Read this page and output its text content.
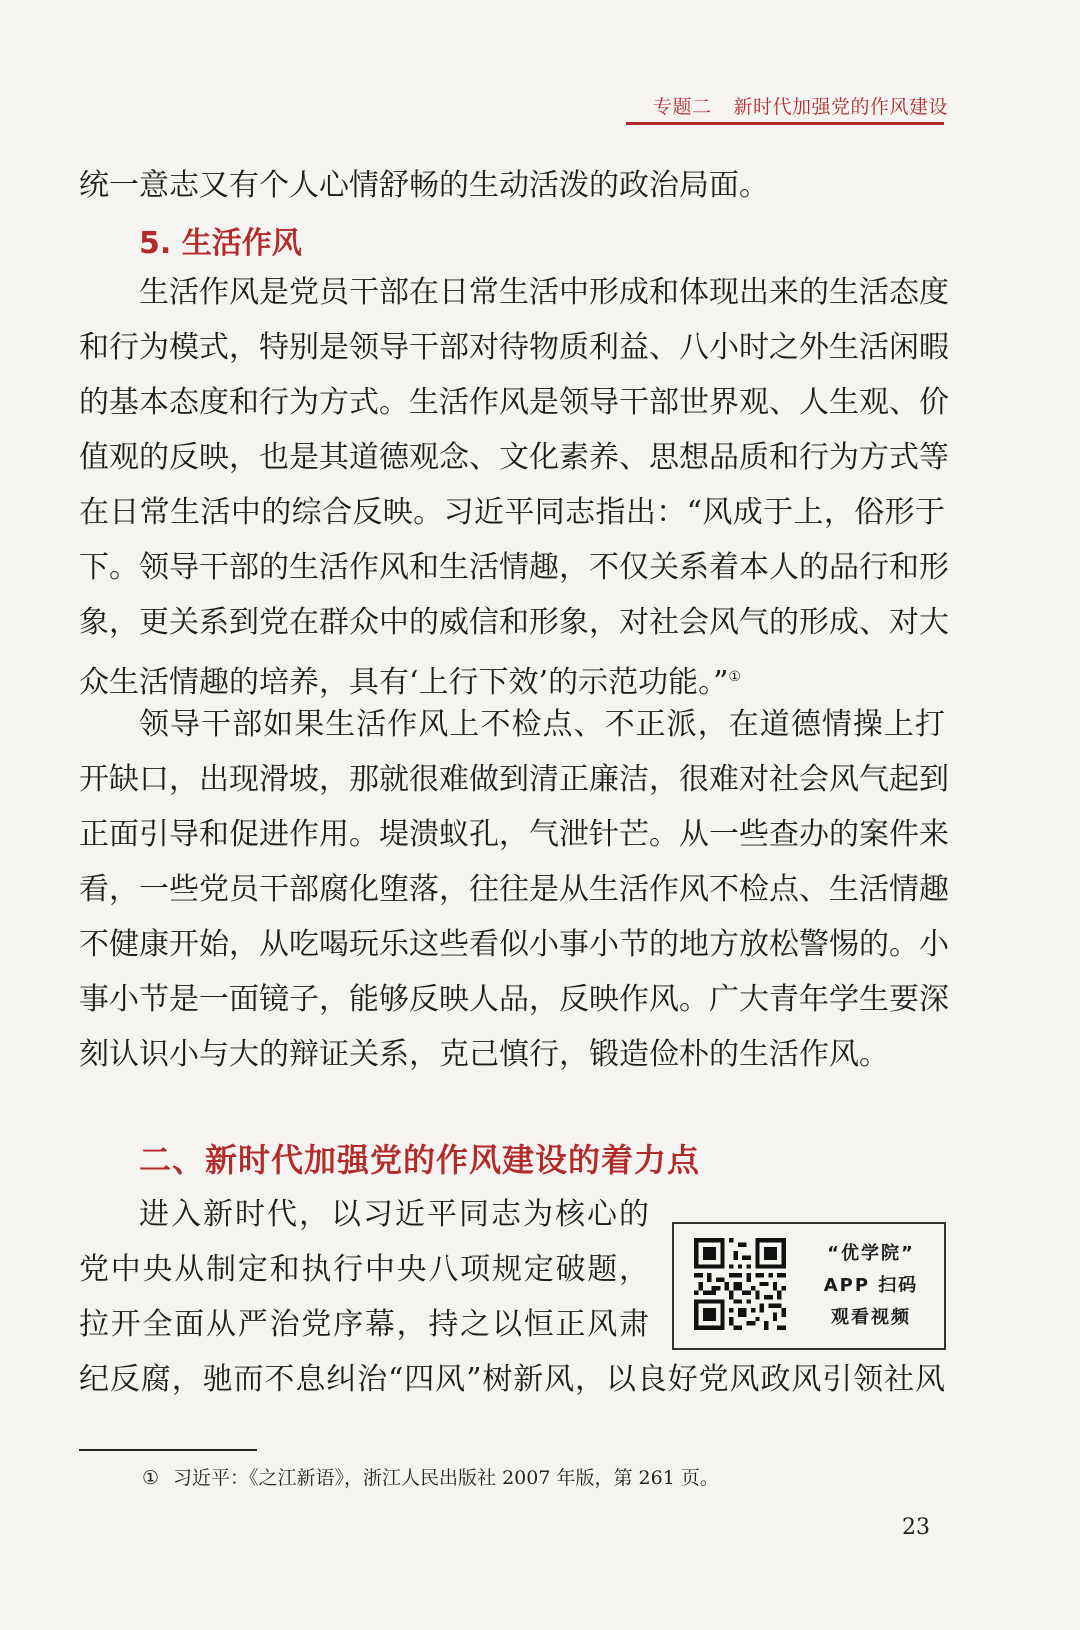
专题二 新时代加强党的作风建设
统一意志又有个人心情舒畅的生动活泼的政治局面。
5. 生活作风
生活作风是党员干部在日常生活中形成和体现出来的生活态度
和行为模式，特别是领导干部对待物质利益、八小时之外生活闲暇
的基本态度和行为方式。生活作风是领导干部世界观、人生观、价
值观的反映，也是其道德观念、文化素养、思想品质和行为方式等
在日常生活中的综合反映。习近平同志指出：“风成于上，俗形于
下。领导干部的生活作风和生活情趣，不仅关系着本人的品行和形
象，更关系到党在群众中的威信和形象，对社会风气的形成、对大
众生活情趣的培养，具有‘上行下效’的示范功能。”①
领导干部如果生活作风上不检点、不正派，在道德情操上打
开缺口，出现滑坡，那就很难做到清正廉洁，很难对社会风气起到
正面引导和促进作用。堤溃蚁孔，气泄针芒。从一些查办的案件来
看，一些党员干部腐化堕落，往往是从生活作风不检点、生活情趣
不健康开始，从吃喝玩乐这些看似小事小节的地方放松警惕的。小
事小节是一面镜子，能够反映人品，反映作风。广大青年学生要深
刻认识小与大的辩证关系，克己慎行，锻造俭朴的生活作风。
二、新时代加强党的作风建设的着力点
进入新时代，以习近平同志为核心的
党中央从制定和执行中央八项规定破题，
拉开全面从严治党序幕，持之以恒正风肃
纪反腐，驰而不息纠治“四风”树新风，以良好党风政风引领社风
“优学院”
APP 扫码
观看视频
① 习近平：《之江新语》，浙江人民出版社 2007 年版，第 261 页。
23
